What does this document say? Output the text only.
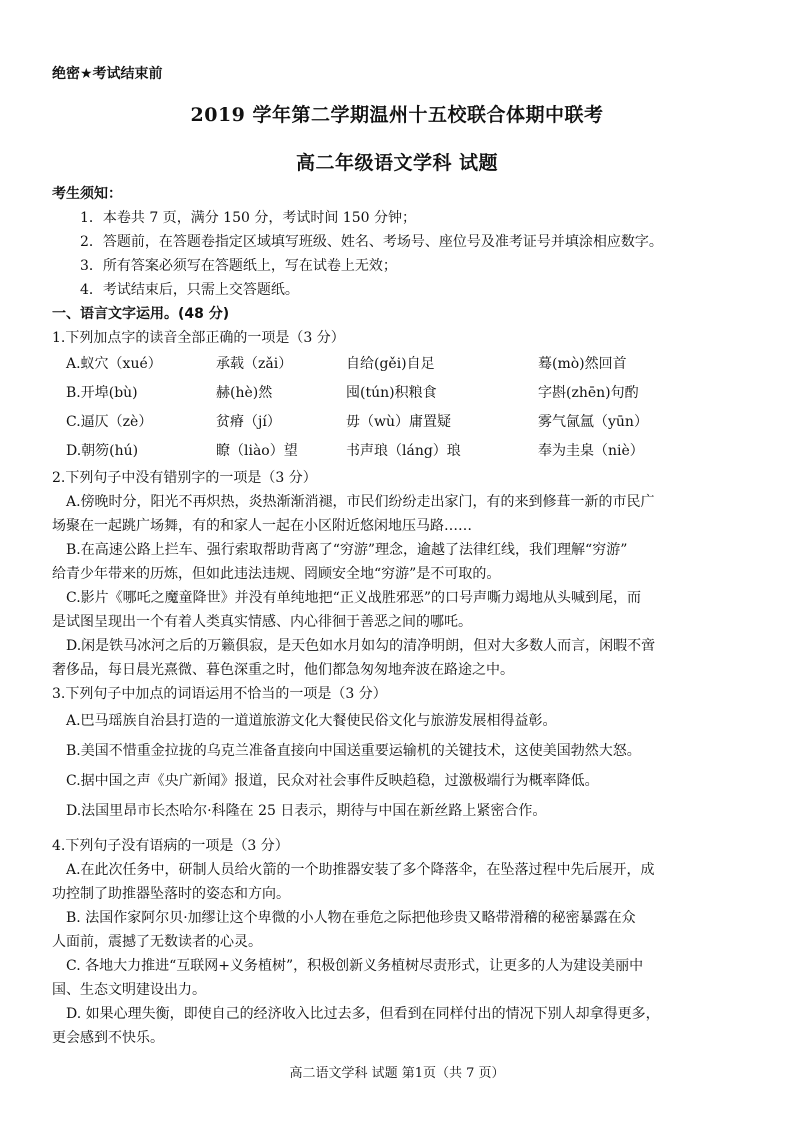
绝密★考试结束前
2019 学年第二学期温州十五校联合体期中联考
高二年级语文学科 试题
考生须知：
1．本卷共 7 页，满分 150 分，考试时间 150 分钟；
2．答题前，在答题卷指定区域填写班级、姓名、考场号、座位号及准考证号并填涂相应数字。
3．所有答案必须写在答题纸上，写在试卷上无效；
4．考试结束后，只需上交答题纸。
一、语言文字运用。(48 分)
1.下列加点字的读音全部正确的一项是（3 分）
A.蚁穴（xué）	承载（zǎi）	自给(gěi)自足	蓦(mò)然回首
B.开埠(bù)	赫(hè)然	囤(tún)积粮食	字斟(zhēn)句酌
C.逼仄（zè）	贫瘠（jí）	毋（wù）庸置疑	雾气氤氲（yūn）
D.朝笏(hú)	瞭（liào）望	书声琅（láng）琅	奉为圭臬（niè）
2.下列句子中没有错别字的一项是（3 分）
A.傍晚时分，阳光不再炽热，炎热渐渐消褪，市民们纷纷走出家门，有的来到修葺一新的市民广
场聚在一起跳广场舞，有的和家人一起在小区附近悠闲地压马路……
B.在高速公路上拦车、强行索取帮助背离了“穷游”理念，逾越了法律红线，我们理解“穷游”
给青少年带来的历炼，但如此违法违规、罔顾安全地“穷游”是不可取的。
C.影片《哪吒之魔童降世》并没有单纯地把“正义战胜邪恶”的口号声嘶力竭地从头喊到尾，而
是试图呈现出一个有着人类真实情感、内心徘徊于善恶之间的哪吒。
D.闲是铁马冰河之后的万籁俱寂，是天色如水月如勾的清净明朗，但对大多数人而言，闲暇不啻
奢侈品，每日晨光熹微、暮色深重之时，他们都急匆匆地奔波在路途之中。
3.下列句子中加点的词语运用不恰当的一项是（3 分）
A.巴马瑶族自治县打造的一道道旅游文化大餐使民俗文化与旅游发展相得益彰。
B.美国不惜重金拉拢的乌克兰准备直接向中国送重要运输机的关键技术，这使美国勃然大怒。
C.据中国之声《央广新闻》报道，民众对社会事件反映趋稳，过激极端行为概率降低。
D.法国里昂市长杰哈尔·科隆在 25 日表示，期待与中国在新丝路上紧密合作。
4.下列句子没有语病的一项是（3 分）
A.在此次任务中，研制人员给火箭的一个助推器安装了多个降落伞，在坠落过程中先后展开，成
功控制了助推器坠落时的姿态和方向。
B. 法国作家阿尔贝·加缪让这个卑微的小人物在垂危之际把他珍贵又略带滑稽的秘密暴露在众
人面前，震撼了无数读者的心灵。
C. 各地大力推进“互联网+义务植树”，积极创新义务植树尽责形式，让更多的人为建设美丽中
国、生态文明建设出力。
D. 如果心理失衡，即使自己的经济收入比过去多，但看到在同样付出的情况下别人却拿得更多，
更会感到不快乐。
高二语文学科 试题 第1页（共 7 页）
